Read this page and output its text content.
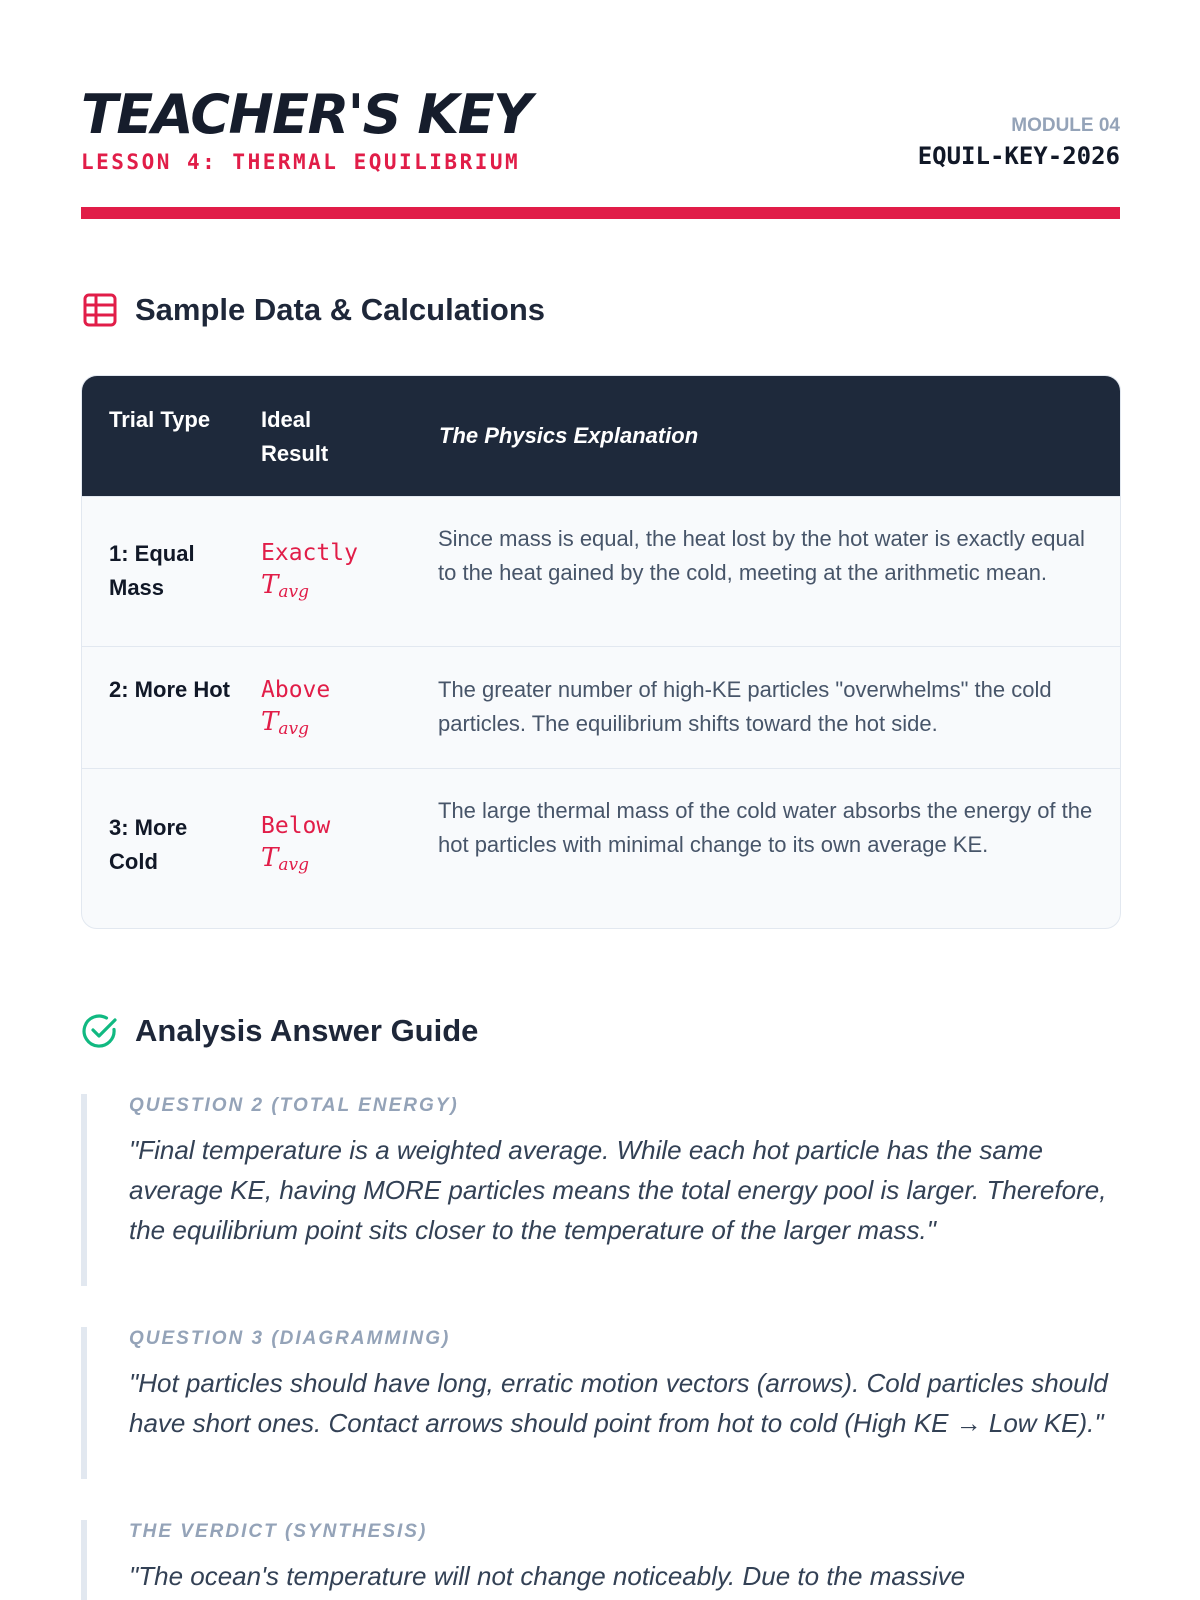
TEACHER'S KEY
LESSON 4: THERMAL EQUILIBRIUM
MODULE 04
EQUIL-KEY-2026
Sample Data & Calculations
Trial Type	Ideal Result
The Physics Explanation
1: Equal Mass
Exactly
$T_{avg}$
Since mass is equal, the heat lost by the hot water is exactly equal to the heat gained by the cold, meeting at the arithmetic mean.
2: More Hot	Above
$T_{avg}$
The greater number of high-KE particles "overwhelms" the cold particles. The equilibrium shifts toward the hot side.
3: More Cold
Below
$T_{avg}$
The large thermal mass of the cold water absorbs the energy of the hot particles with minimal change to its own average KE.
Analysis Answer Guide
QUESTION 2 (TOTAL ENERGY)

"Final temperature is a weighted average. While each hot particle has the same average KE, having MORE particles means the total energy pool is larger. Therefore, the equilibrium point sits closer to the temperature of the larger mass."

QUESTION 3 (DIAGRAMMING)

"Hot particles should have long, erratic motion vectors (arrows). Cold particles should have short ones. Contact arrows should point from hot to cold (High KE → Low KE)."

THE VERDICT (SYNTHESIS)

"The ocean's temperature will not change noticeably. Due to the massive
